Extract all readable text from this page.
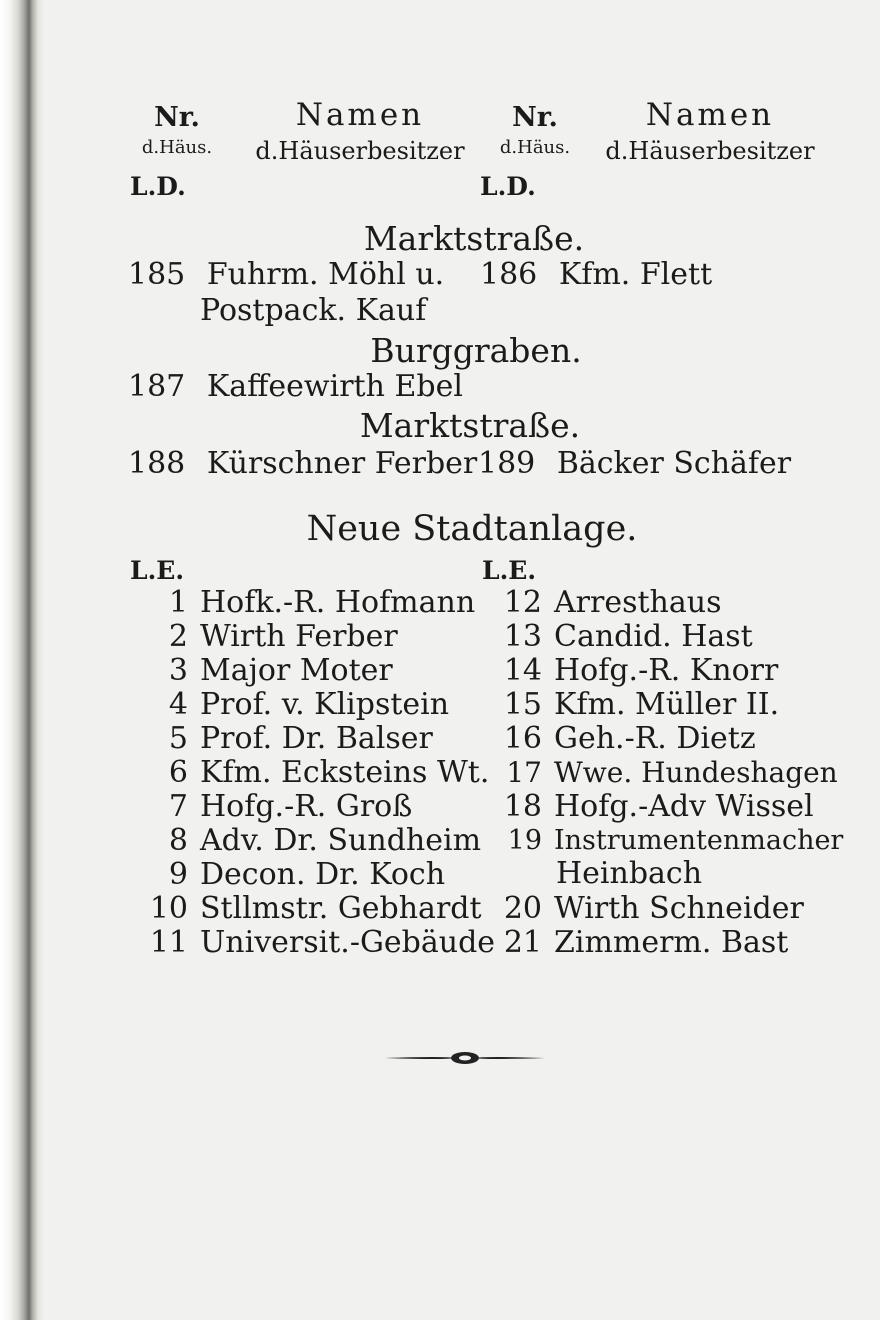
Nr.
d.Häus.
Namen
d.Häuserbesitzer
Nr.
d.Häus.
Namen
d.Häuserbesitzer
L.D.	L.D.
Marktstraße.
185 Fuhrm. Möhl u.
Postpack. Kauf
186 Kfm. Flett
Burggraben.
187 Kaffeewirth Ebel
Marktstraße.
188 Kürschner Ferber 189 Bäcker Schäfer
Neue Stadtanlage.
L.E.	L.E.
1 Hofk.-R. Hofmann
2 Wirth Ferber
3 Major Moter
4 Prof. v. Klipstein
5 Prof. Dr. Balser
6 Kfm. Ecksteins Wt.
7 Hofg.-R. Groß
8 Adv. Dr. Sundheim
9 Decon. Dr. Koch
10 Stllmstr. Gebhardt
11 Universit.-Gebäude
12 Arresthaus
13 Candid. Hast
14 Hofg.-R. Knorr
15 Kfm. Müller II.
16 Geh.-R. Dietz
17 Wwe. Hundeshagen
18 Hofg.-Adv Wissel
19 Instrumentenmacher
Heinbach
20 Wirth Schneider
21 Zimmerm. Bast
